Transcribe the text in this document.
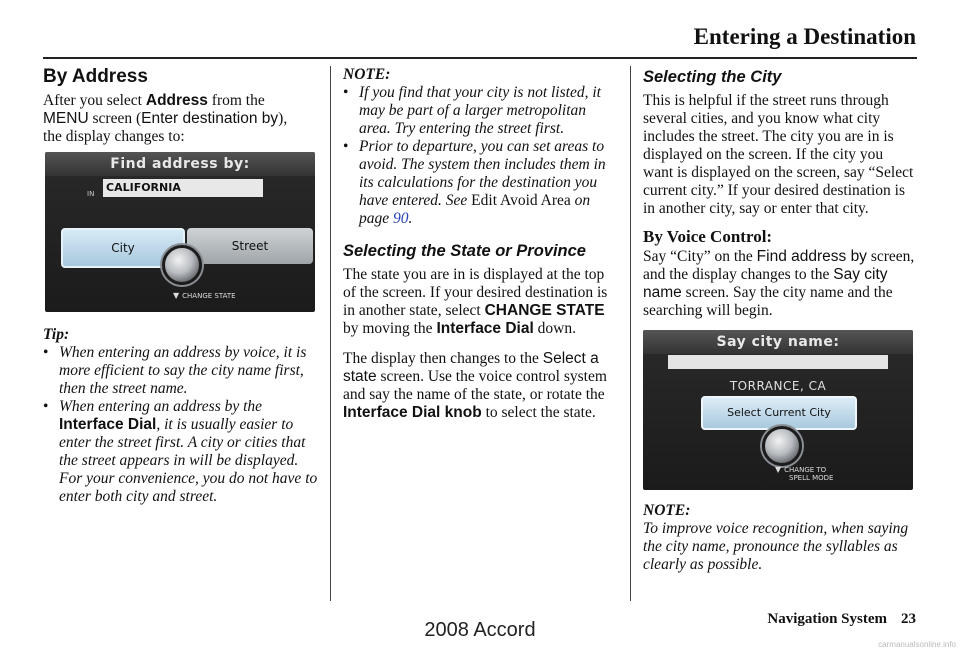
Entering a Destination
By Address

After you select Address from the
MENU screen (Enter destination by),
the display changes to:

Find address by:
IN CALIFORNIA
City	Street
▼ CHANGE STATE

Tip:

• When entering an address by voice, it is more efficient to say the city name first, then the street name.
• When entering an address by the Interface Dial, it is usually easier to enter the street first. A city or cities that the street appears in will be displayed. For your convenience, you do not have to enter both city and street.

NOTE:

• If you find that your city is not listed, it may be part of a larger metropolitan area. Try entering the street first.
• Prior to departure, you can set areas to avoid. The system then includes them in its calculations for the destination you have entered. See Edit Avoid Area on page 90.
Selecting the State or Province

The state you are in is displayed at the top of the screen. If your desired destination is in another state, select CHANGE STATE by moving the Interface Dial down.

The display then changes to the Select a state screen. Use the voice control system and say the name of the state, or rotate the Interface Dial knob to select the state.

Selecting the City

This is helpful if the street runs through several cities, and you know what city includes the street. The city you are in is displayed on the screen. If the city you want is displayed on the screen, say “Select current city.” If your desired destination is in another city, say or enter that city.

By Voice Control:

Say “City” on the Find address by screen, and the display changes to the Say city name screen. Say the city name and the searching will begin.

Say city name:
TORRANCE, CA
Select Current City
▼ CHANGE TO
SPELL MODE

NOTE:

To improve voice recognition, when saying the city name, pronounce the syllables as clearly as possible.

Navigation System 23
2008 Accord
carmanualsonline.info
